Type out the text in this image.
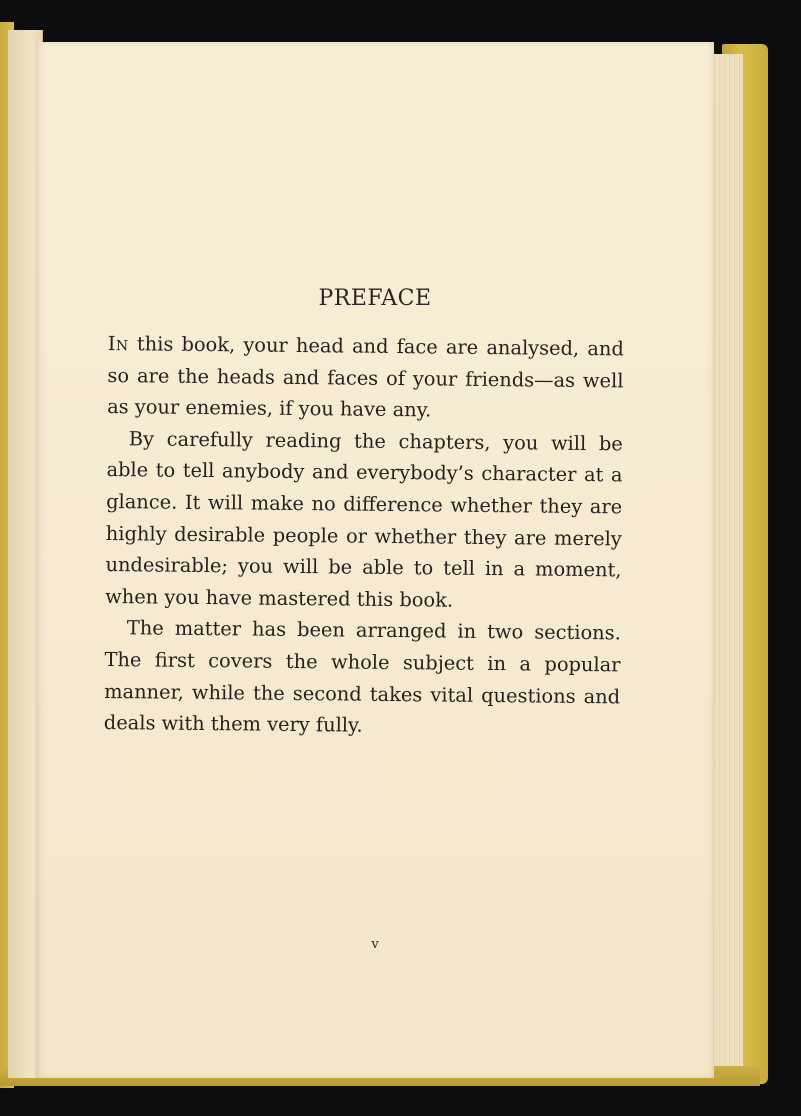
PREFACE

In this book, your head and face are analysed, and so are the heads and faces of your friends—as well as your enemies, if you have any.

By carefully reading the chapters, you will be able to tell anybody and everybody’s character at a glance. It will make no difference whether they are highly desirable people or whether they are merely undesirable; you will be able to tell in a moment, when you have mastered this book.

The matter has been arranged in two sections. The first covers the whole subject in a popular manner, while the second takes vital questions and deals with them very fully.

v
